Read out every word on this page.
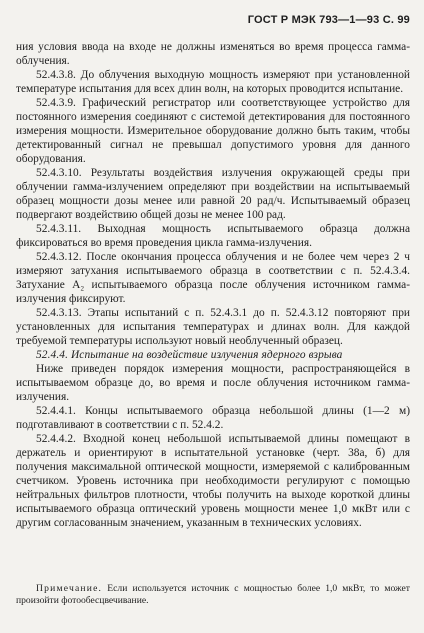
ГОСТ Р МЭК 793—1—93 С. 99

ния условия ввода на входе не должны изменяться во время процесса гамма-облучения.

52.4.3.8. До облучения выходную мощность измеряют при установленной температуре испытания для всех длин волн, на которых проводится испытание.

52.4.3.9. Графический регистратор или соответствующее устройство для постоянного измерения соединяют с системой детектирования для постоянного измерения мощности. Измерительное оборудование должно быть таким, чтобы детектированный сигнал не превышал допустимого уровня для данного оборудования.

52.4.3.10. Результаты воздействия излучения окружающей среды при облучении гамма-излучением определяют при воздействии на испытываемый образец мощности дозы менее или равной 20 рад/ч. Испытываемый образец подвергают воздействию общей дозы не менее 100 рад.

52.4.3.11. Выходная мощность испытываемого образца должна фиксироваться во время проведения цикла гамма-излучения.

52.4.3.12. После окончания процесса облучения и не более чем через 2 ч измеряют затухания испытываемого образца в соответствии с п. 52.4.3.4. Затухание A₂ испытываемого образца после облучения источником гамма-излучения фиксируют.

52.4.3.13. Этапы испытаний с п. 52.4.3.1 до п. 52.4.3.12 повторяют при установленных для испытания температурах и длинах волн. Для каждой требуемой температуры используют новый необлученный образец.

52.4.4. Испытание на воздействие излучения ядерного взрыва

Ниже приведен порядок измерения мощности, распространяющейся в испытываемом образце до, во время и после облучения источником гамма-излучения.

52.4.4.1. Концы испытываемого образца небольшой длины (1—2 м) подготавливают в соответствии с п. 52.4.2.

52.4.4.2. Входной конец небольшой испытываемой длины помещают в держатель и ориентируют в испытательной установке (черт. 38а, б) для получения максимальной оптической мощности, измеряемой с калиброванным счетчиком. Уровень источника при необходимости регулируют с помощью нейтральных фильтров плотности, чтобы получить на выходе короткой длины испытываемого образца оптический уровень мощности менее 1,0 мкВт или с другим согласованным значением, указанным в технических условиях.

Примечание. Если используется источник с мощностью более 1,0 мкВт, то может произойти фотообесцвечивание.
